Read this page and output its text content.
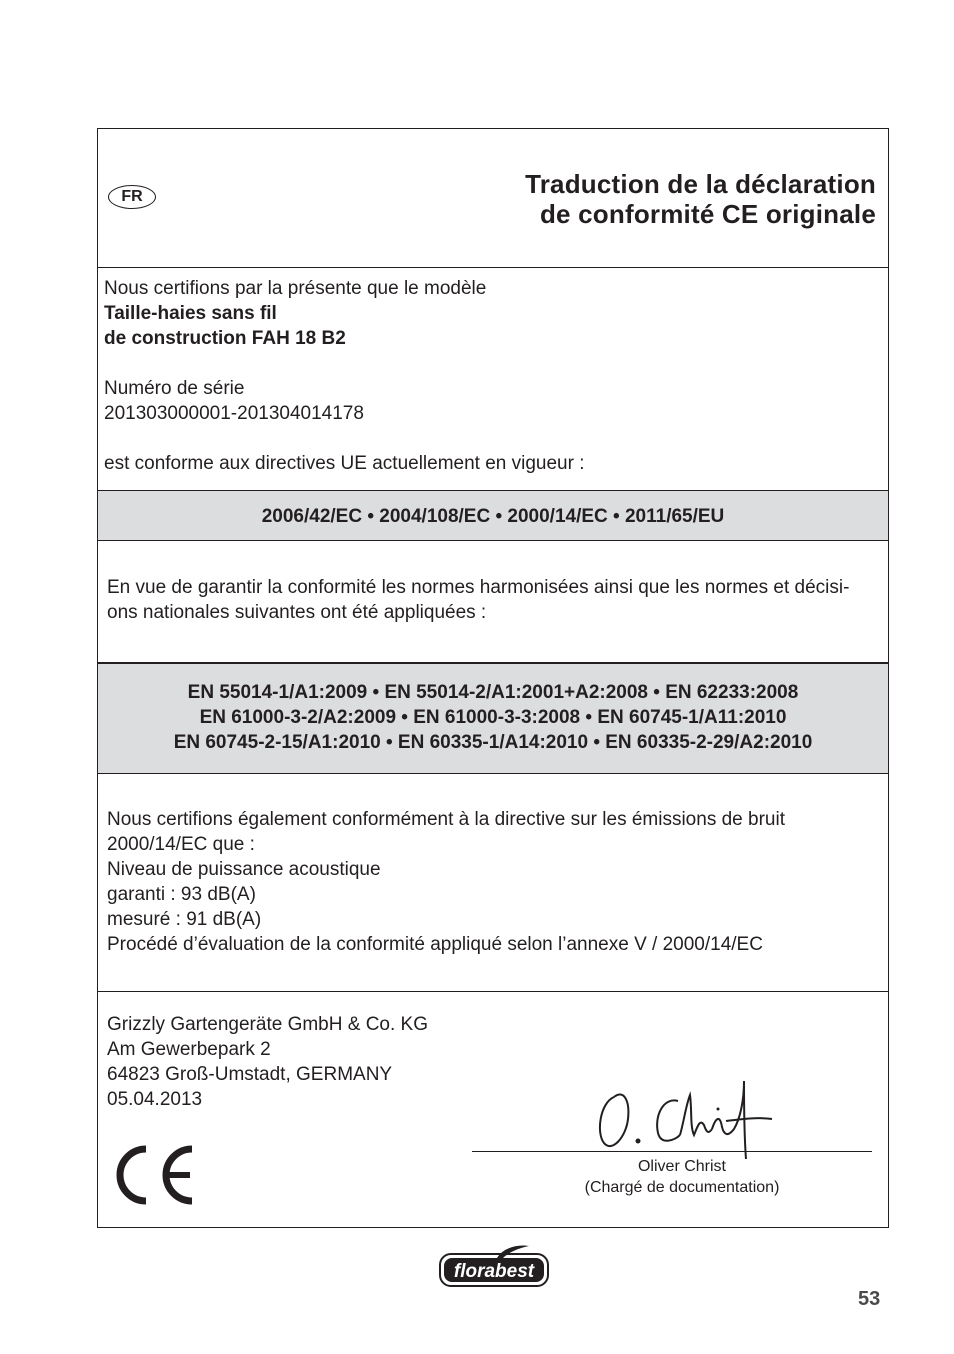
FR	Traduction de la déclaration
de conformité CE originale
Nous certifions par la présente que le modèle
Taille-haies sans fil
de construction FAH 18 B2
Numéro de série
201303000001-201304014178
est conforme aux directives UE actuellement en vigueur :
2006/42/EC • 2004/108/EC • 2000/14/EC • 2011/65/EU
En vue de garantir la conformité les normes harmonisées ainsi que les normes et décisi-
ons nationales suivantes ont été appliquées :
EN 55014-1/A1:2009 • EN 55014-2/A1:2001+A2:2008 • EN 62233:2008
EN 61000-3-2/A2:2009 • EN 61000-3-3:2008 • EN 60745-1/A11:2010
EN 60745-2-15/A1:2010 • EN 60335-1/A14:2010 • EN 60335-2-29/A2:2010
Nous certifions également conformément à la directive sur les émissions de bruit
2000/14/EC que :
Niveau de puissance acoustique
garanti : 93 dB(A)
mesuré : 91 dB(A)
Procédé d’évaluation de la conformité appliqué selon l’annexe V / 2000/14/EC
Grizzly Gartengeräte GmbH & Co. KG
Am Gewerbepark 2
64823 Groß-Umstadt, GERMANY
05.04.2013
Oliver Christ
(Chargé de documentation)
florabest
53
